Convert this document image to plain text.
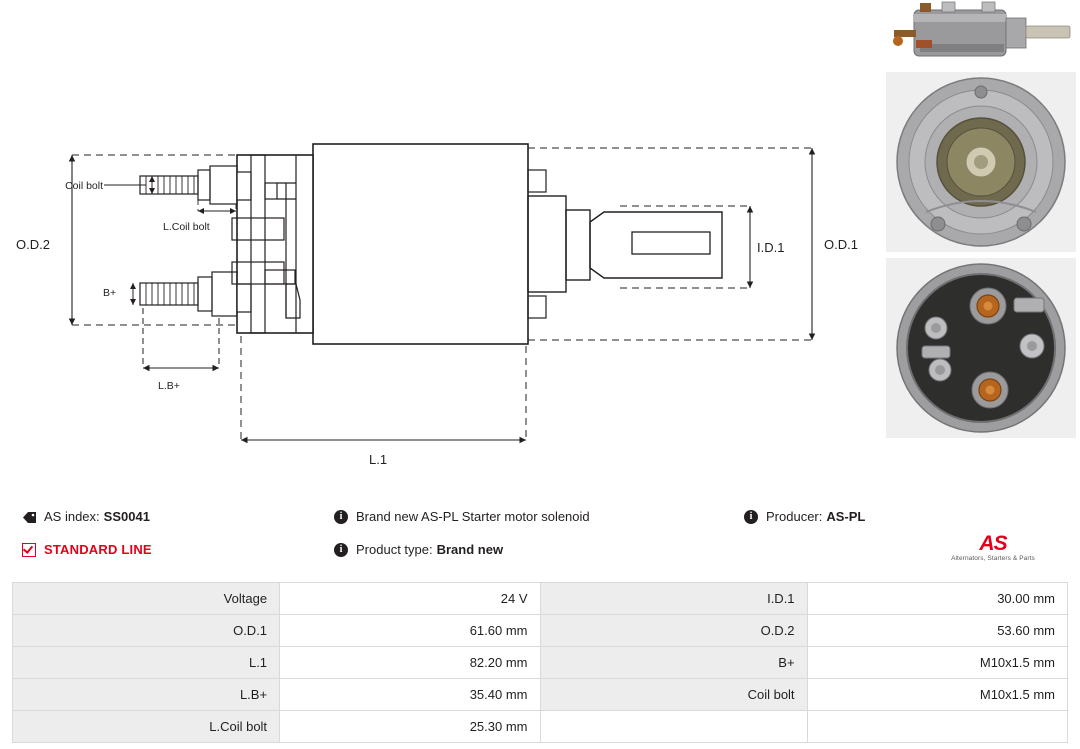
O.D.2	O.D.1
I.D.1
L.1
L.B+
B+
Coil bolt
L.Coil bolt
AS index: SS0041
STANDARD LINE
i	Brand new AS-PL Starter motor solenoid
i	Product type: Brand new
i	Producer: AS-PL
AS
Alternators, Starters & Parts
Voltage	24 V	I.D.1	30.00 mm
O.D.1	61.60 mm	O.D.2	53.60 mm
L.1	82.20 mm	B+	M10x1.5 mm
L.B+	35.40 mm	Coil bolt	M10x1.5 mm
L.Coil bolt	25.30 mm		
